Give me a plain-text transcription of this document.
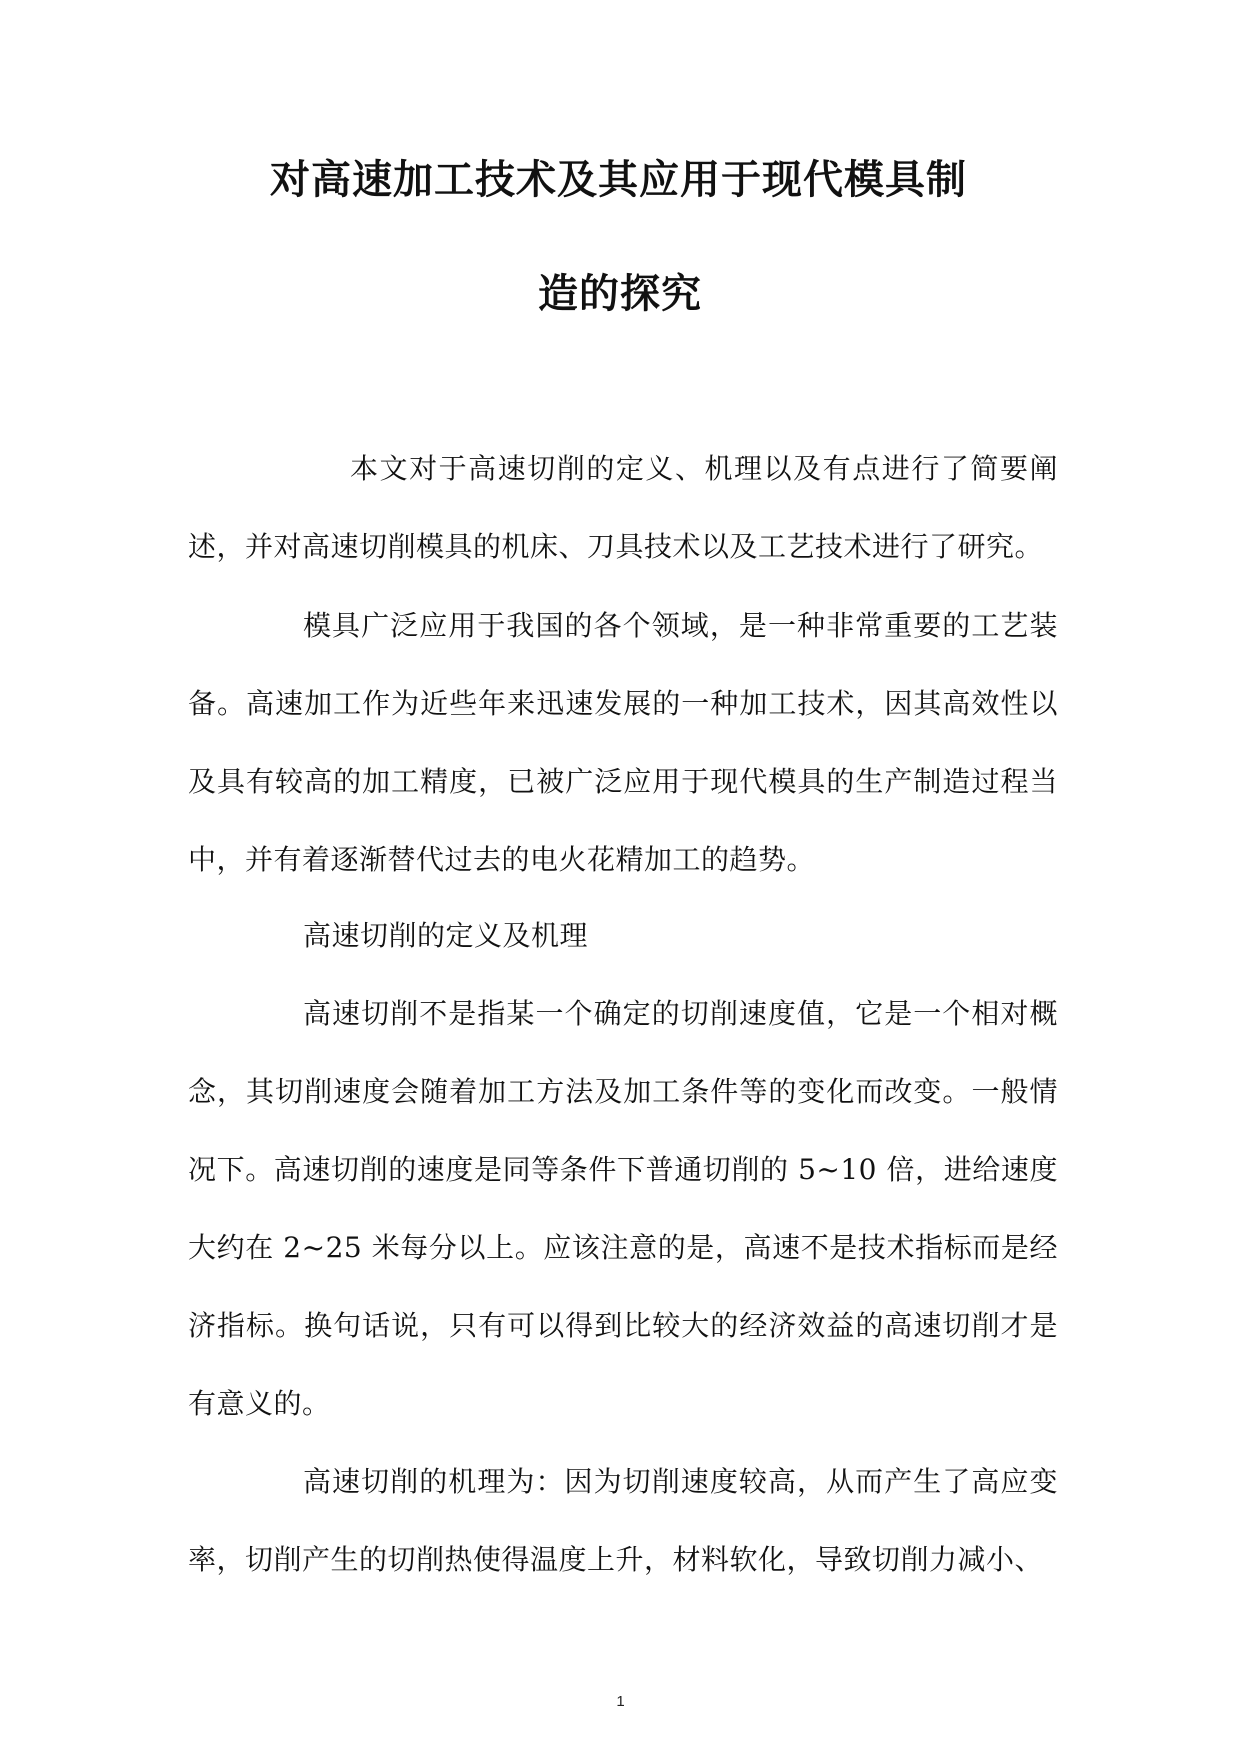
对高速加工技术及其应用于现代模具制
造的探究
本文对于高速切削的定义、机理以及有点进行了简要阐述，并对高速切削模具的机床、刀具技术以及工艺技术进行了研究。
模具广泛应用于我国的各个领域，是一种非常重要的工艺装备。高速加工作为近些年来迅速发展的一种加工技术，因其高效性以及具有较高的加工精度，已被广泛应用于现代模具的生产制造过程当中，并有着逐渐替代过去的电火花精加工的趋势。
高速切削的定义及机理
高速切削不是指某一个确定的切削速度值，它是一个相对概念，其切削速度会随着加工方法及加工条件等的变化而改变。一般情况下。高速切削的速度是同等条件下普通切削的 5~10 倍，进给速度大约在 2~25 米每分以上。应该注意的是，高速不是技术指标而是经济指标。换句话说，只有可以得到比较大的经济效益的高速切削才是有意义的。
高速切削的机理为：因为切削速度较高，从而产生了高应变率，切削产生的切削热使得温度上升，材料软化，导致切削力减小、
1
